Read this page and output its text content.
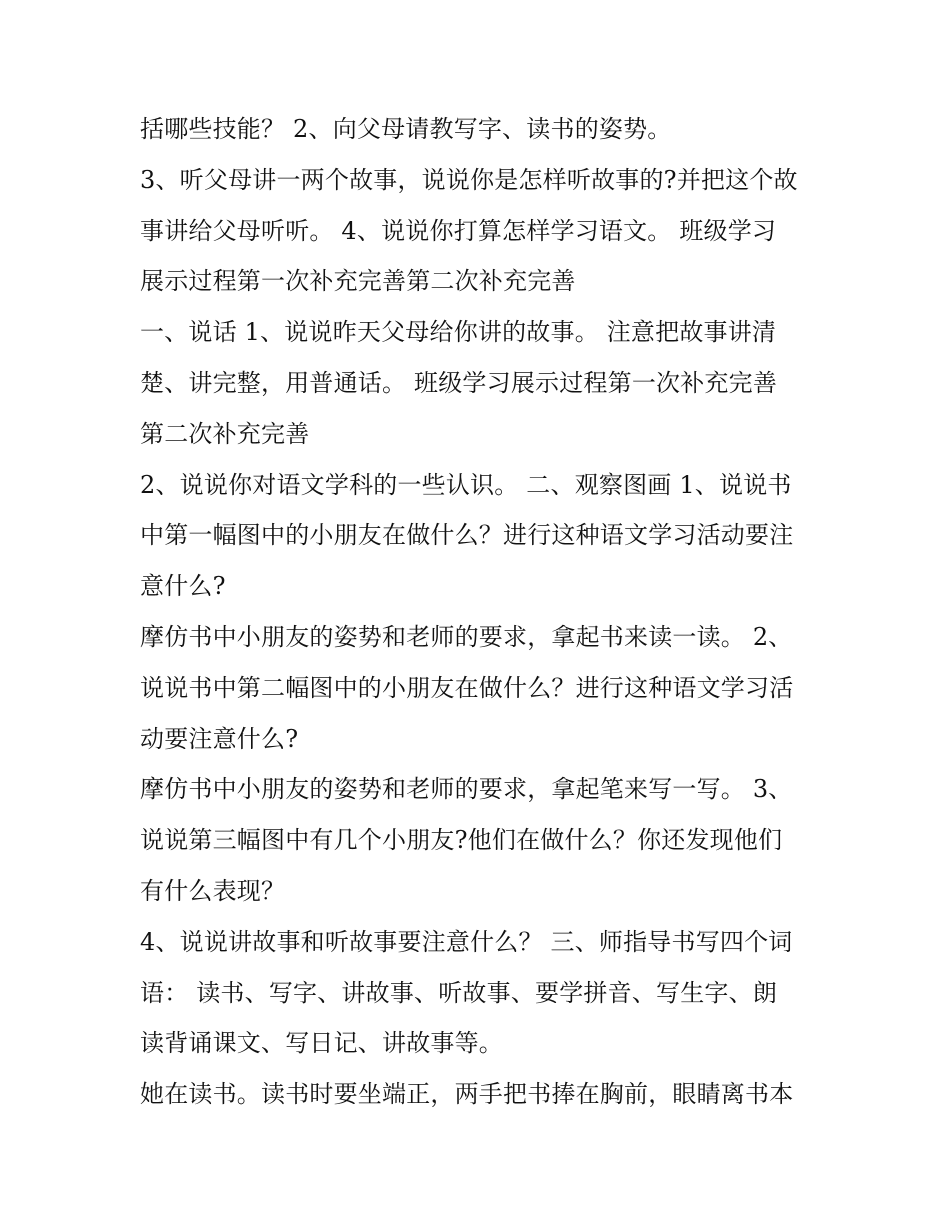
括哪些技能？ 2、向父母请教写字、读书的姿势。
3、听父母讲一两个故事，说说你是怎样听故事的?并把这个故
事讲给父母听听。 4、说说你打算怎样学习语文。 班级学习
展示过程第一次补充完善第二次补充完善
一、说话 1、说说昨天父母给你讲的故事。 注意把故事讲清
楚、讲完整，用普通话。 班级学习展示过程第一次补充完善
第二次补充完善
2、说说你对语文学科的一些认识。 二、观察图画 1、说说书
中第一幅图中的小朋友在做什么？进行这种语文学习活动要注
意什么?
摩仿书中小朋友的姿势和老师的要求，拿起书来读一读。 2、
说说书中第二幅图中的小朋友在做什么？进行这种语文学习活
动要注意什么?
摩仿书中小朋友的姿势和老师的要求，拿起笔来写一写。 3、
说说第三幅图中有几个小朋友?他们在做什么？你还发现他们
有什么表现？
4、说说讲故事和听故事要注意什么？ 三、师指导书写四个词
语： 读书、写字、讲故事、听故事、要学拼音、写生字、朗
读背诵课文、写日记、讲故事等。
她在读书。读书时要坐端正，两手把书捧在胸前，眼睛离书本
